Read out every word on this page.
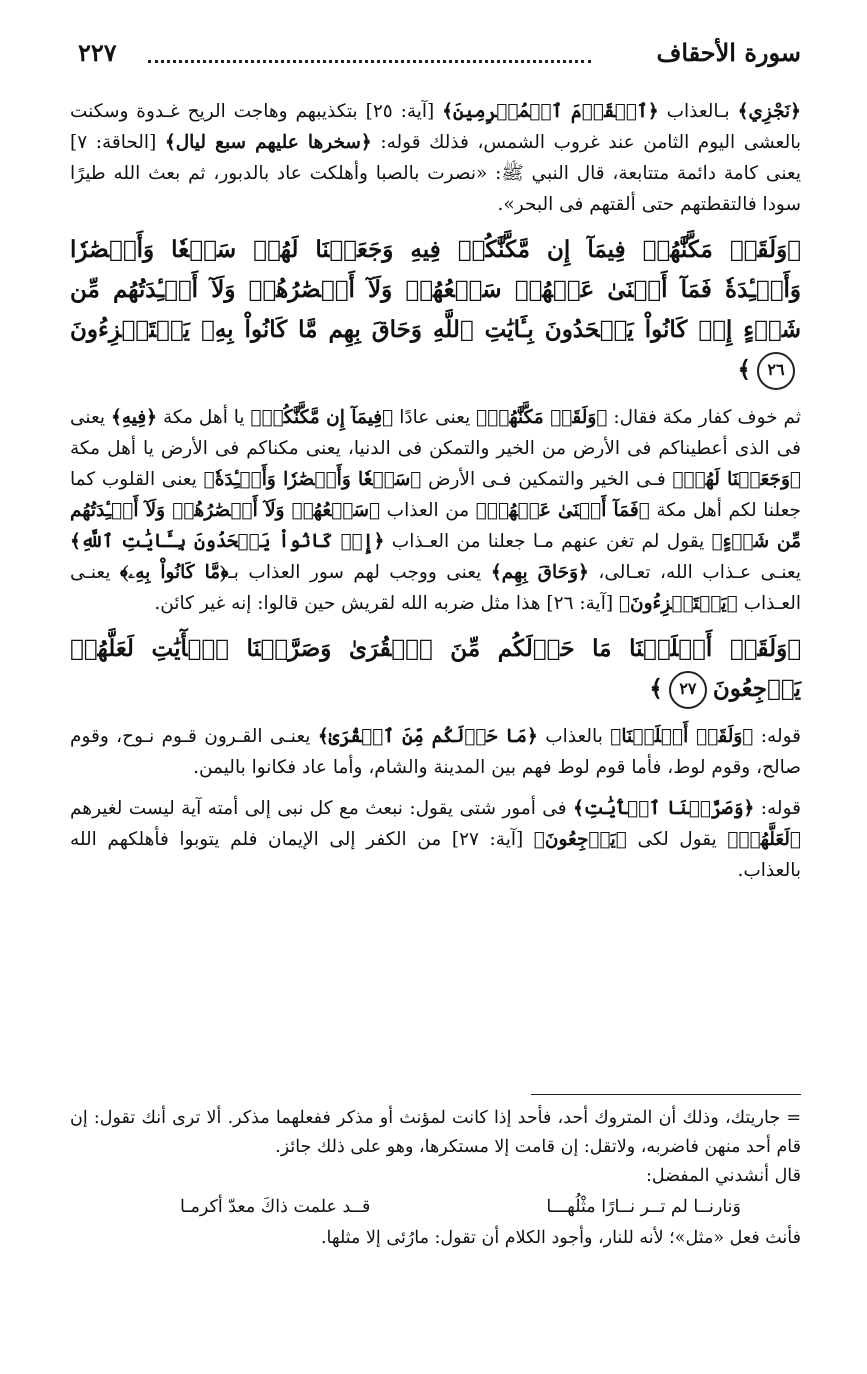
سورة الأحقاف
٢٢٧

﴿نَجْزِي﴾ بـالعذاب ﴿ٱلۡقَوۡمَ ٱلۡمُجۡرِمِينَ﴾ [آية: ٢٥] بتكذيبهم وهاجت الريح غـدوة وسكنت بالعشى اليوم الثامن عند غروب الشمس، فذلك قوله: ﴿سخرها عليهم سبع ليال﴾ [الحاقة: ٧] يعنى كامة دائمة متتابعة، قال النبي ﷺ: «نصرت بالصبا وأهلكت عاد بالدبور، ثم بعث الله طيرًا سودا فالتقطتهم حتى ألقتهم فى البحر».

﴿وَلَقَدۡ مَكَّنَّٰهُمۡ فِيمَآ إِن مَّكَّنَّٰكُمۡ فِيهِ وَجَعَلۡنَا لَهُمۡ سَمۡعٗا وَأَبۡصَٰرٗا وَأَفۡـِٔدَةٗ فَمَآ أَغۡنَىٰ عَنۡهُمۡ سَمۡعُهُمۡ وَلَآ أَبۡصَٰرُهُمۡ وَلَآ أَفۡـِٔدَتُهُم مِّن شَيۡءٍ إِذۡ كَانُواْ يَجۡحَدُونَ بِـَٔايَٰتِ ٱللَّهِ وَحَاقَ بِهِم مَّا كَانُواْ بِهِۦ يَسۡتَهۡزِءُونَ٢٦﴾

ثم خوف كفار مكة فقال: ﴿وَلَقَدۡ مَكَّنَّٰهُمۡ﴾ يعنى عادًا ﴿فِيمَآ إِن مَّكَّنَّٰكُمۡ﴾ يا أهل مكة ﴿فِيهِ﴾ يعنى فى الذى أعطيناكم فى الأرض من الخير والتمكن فى الدنيا، يعنى مكناكم فى الأرض يا أهل مكة ﴿وَجَعَلۡنَا لَهُمۡ﴾ فـى الخير والتمكين فـى الأرض ﴿سَمۡعٗا وَأَبۡصَٰرٗا وَأَفۡـِٔدَةٗ﴾ يعنى القلوب كما جعلنا لكم أهل مكة ﴿فَمَآ أَغۡنَىٰ عَنۡهُمۡ﴾ من العذاب ﴿سَمۡعُهُمۡ وَلَآ أَبۡصَٰرُهُمۡ وَلَآ أَفۡـِٔدَتُهُم مِّن شَيۡءٍ﴾ يقول لم تغن عنهم مـا جعلنا من العـذاب ﴿إِذۡ كَانُواْ يَجۡحَدُونَ بِـَٔايَٰتِ ٱللَّهِ﴾ يعنـى عـذاب الله، تعـالى، ﴿وَحَاقَ بِهِم﴾ يعنى ووجب لهم سور العذاب بـ﴿مَّا كَانُواْ بِهِۦ﴾ يعنـى العـذاب ﴿يَسۡتَهۡزِءُونَ﴾ [آية: ٢٦] هذا مثل ضربه الله لقريش حين قالوا: إنه غير كائن.

﴿وَلَقَدۡ أَهۡلَكۡنَا مَا حَوۡلَكُم مِّنَ ٱلۡقُرَىٰ وَصَرَّفۡنَا ٱلۡأٓيَٰتِ لَعَلَّهُمۡ يَرۡجِعُونَ٢٧﴾

قوله: ﴿وَلَقَدۡ أَهۡلَكۡنَا﴾ بالعذاب ﴿مَا حَوۡلَكُم مِّنَ ٱلۡقُرَىٰ﴾ يعنـى القـرون قـوم نـوح، وقوم صالح، وقوم لوط، فأما قوم لوط فهم بين المدينة والشام، وأما عاد فكانوا باليمن.

قوله: ﴿وَصَرَّفۡنَا ٱلۡأٓيَٰتِ﴾ فى أمور شتى يقول: نبعث مع كل نبى إلى أمته آية ليست لغيرهم ﴿لَعَلَّهُمۡ﴾ يقول لكى ﴿يَرۡجِعُونَ﴾ [آية: ٢٧] من الكفر إلى الإيمان فلم يتوبوا فأهلكهم الله بالعذاب.

= جاريتك، وذلك أن المتروك أحد، فأحد إذا كانت لمؤنث أو مذكر ففعلهما مذكر. ألا ترى أنك تقول: إن قام أحد منهن فاضربه، ولاتقل: إن قامت إلا مستكرها، وهو على ذلك جائز.

قال أنشدني المفضل:

وَنارنــا لم تــر نــارًا مثْلُهـــا
قــد علمت ذاكَ معدّ أكرمـا

فأنث فعل «مثل»؛ لأنه للنار، وأجود الكلام أن تقول: مارُئى إلا مثلها.
